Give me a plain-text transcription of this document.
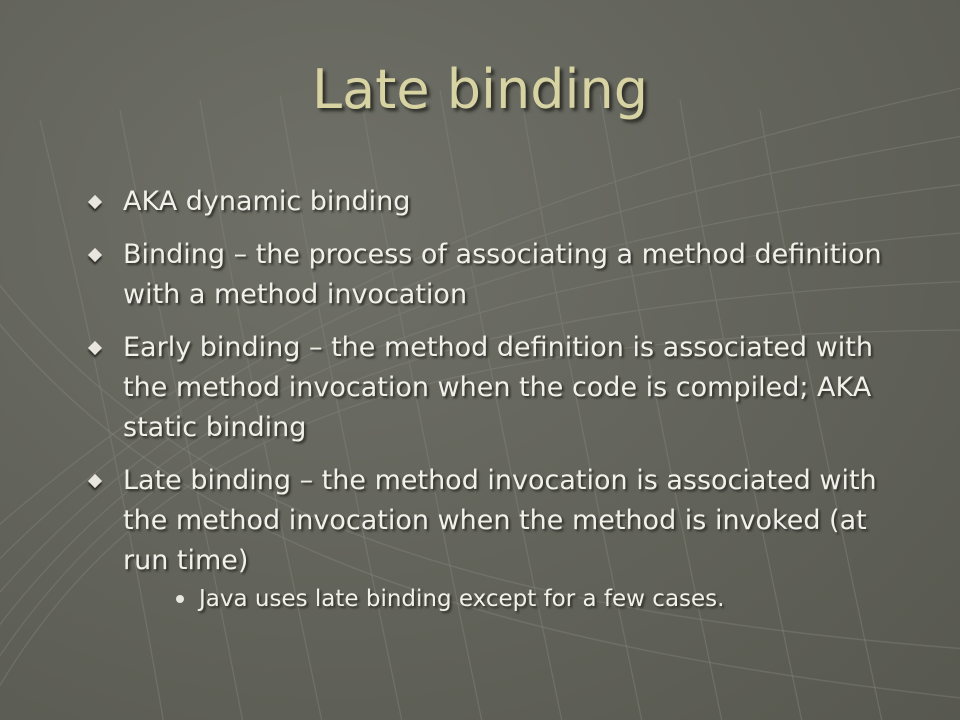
Late binding
AKA dynamic binding
Binding – the process of associating a method definition with a method invocation
Early binding – the method definition is associated with the method invocation when the code is compiled; AKA static binding
Late binding – the method invocation is associated with the method invocation when the method is invoked (at run time)
Java uses late binding except for a few cases.
